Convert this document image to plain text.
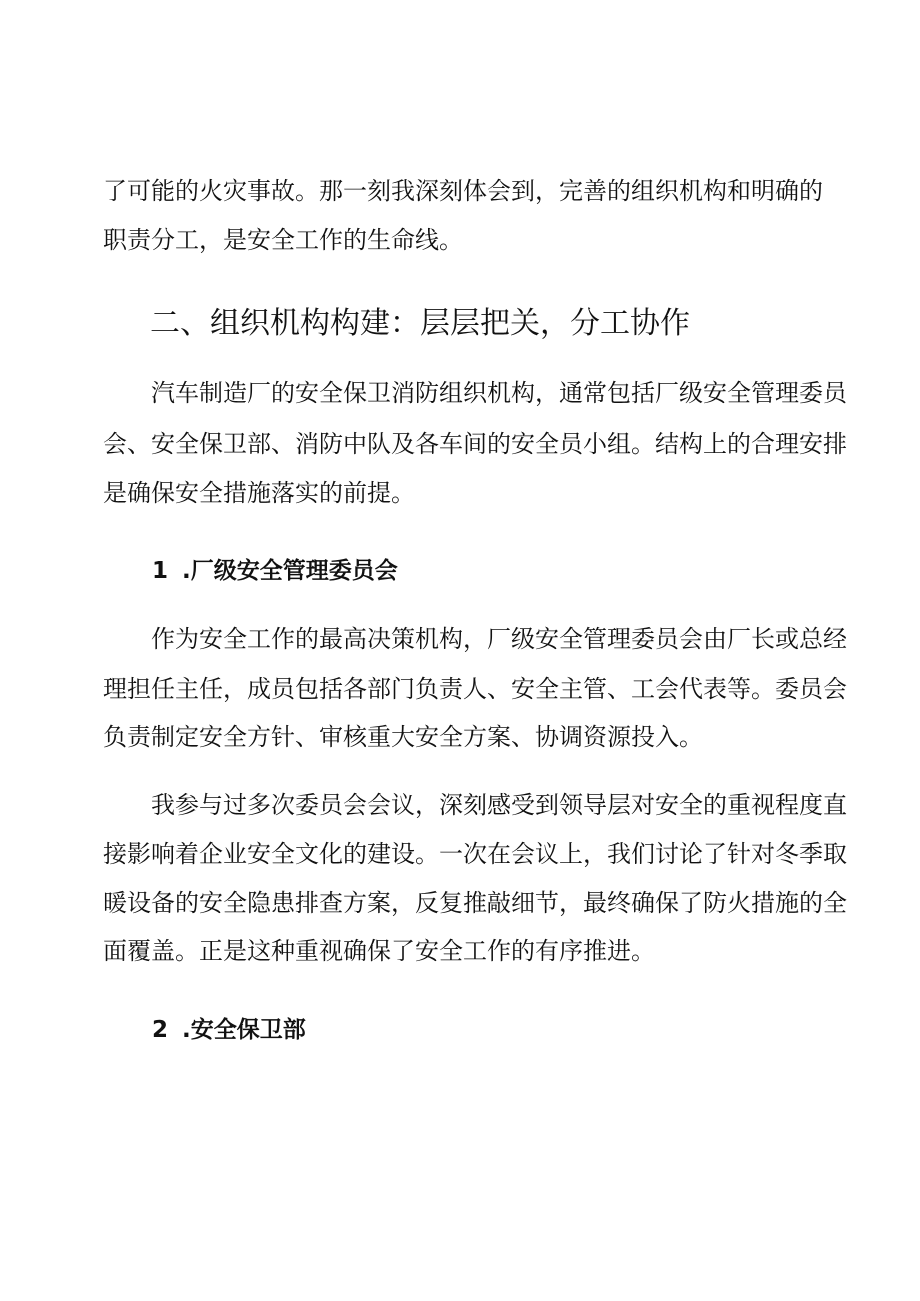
了可能的火灾事故。那一刻我深刻体会到，完善的组织机构和明确的

职责分工，是安全工作的生命线。

二、组织机构构建：层层把关，分工协作

汽车制造厂的安全保卫消防组织机构，通常包括厂级安全管理委员

会、安全保卫部、消防中队及各车间的安全员小组。结构上的合理安排

是确保安全措施落实的前提。

1 .厂级安全管理委员会

作为安全工作的最高决策机构，厂级安全管理委员会由厂长或总经

理担任主任，成员包括各部门负责人、安全主管、工会代表等。委员会

负责制定安全方针、审核重大安全方案、协调资源投入。

我参与过多次委员会会议，深刻感受到领导层对安全的重视程度直

接影响着企业安全文化的建设。一次在会议上，我们讨论了针对冬季取

暖设备的安全隐患排查方案，反复推敲细节，最终确保了防火措施的全

面覆盖。正是这种重视确保了安全工作的有序推进。

2 .安全保卫部
